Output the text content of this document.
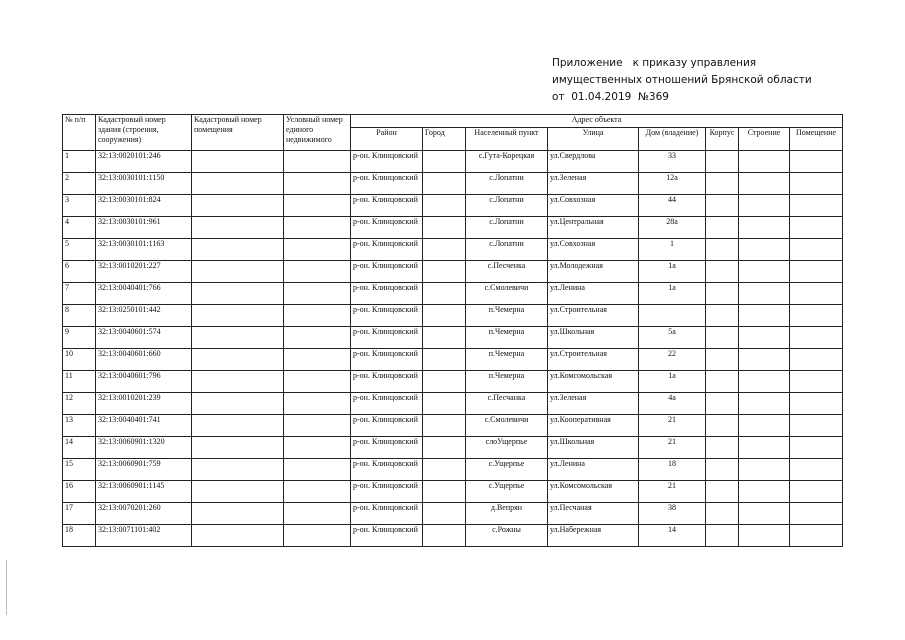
Приложение   к приказу управления
имущественных отношений Брянской области
от  01.04.2019  №369
№ п/п	Кадастровый номер здания (строения, сооружения)	Кадастровый номер помещения	Условный номер единого недвижимого	Адрес объекта							
				Район	Город	Населенный пункт	Улица	Дом (владение)	Корпус	Строение	Помещение
1	32:13:0020101:246			р-он. Клинцовский		с.Гута-Корецкая	ул.Свердлова	33			
2	32:13:0030101:1150			р-он. Клинцовский		с.Лопатни	ул.Зеленая	12а			
3	32:13:0030101:824			р-он. Клинцовский		с.Лопатни	ул.Совхозная	44			
4	32:13:0030101:961			р-он. Клинцовский		с.Лопатни	ул.Центральная	28а			
5	32:13:0030101:1163			р-он. Клинцовский		с.Лопатни	ул.Совхозная	1			
6	32:13:0010201:227			р-он. Клинцовский		с.Песченка	ул.Молодежная	1а			
7	32:13:0040401:766			р-он. Клинцовский		с.Смолевичи	ул.Ленина	1а			
8	32:13:0250101:442			р-он. Клинцовский		п.Чемерна	ул.Строительная				
9	32:13:0040601:574			р-он. Клинцовский		п.Чемерна	ул.Школьная	5а			
10	32:13:0040601:660			р-он. Клинцовский		п.Чемерна	ул.Строительная	22			
11	32:13:0040601:796			р-он. Клинцовский		п.Чемерна	ул.Комсомольская	1а			
12	32:13:0010201:239			р-он. Клинцовский		с.Песчанка	ул.Зеленая	4а			
13	32:13:0040401:741			р-он. Клинцовский		с.Смолевичи	ул.Кооперативная	21			
14	32:13:0060901:1320			р-он. Клинцовский		слоУщерпье	ул.Школьная	21			
15	32:13:0060901:759			р-он. Клинцовский		с.Ущерпье	ул.Ленина	18			
16	32:13:0060901:1145			р-он. Клинцовский		с.Ущерпье	ул.Комсомольская	21			
17	32:13:0070201:260			р-он. Клинцовский		д.Вепрян	ул.Песчаная	38			
18	32:13:0071101:402			р-он. Клинцовский		с.Рожны	ул.Набережная	14			
